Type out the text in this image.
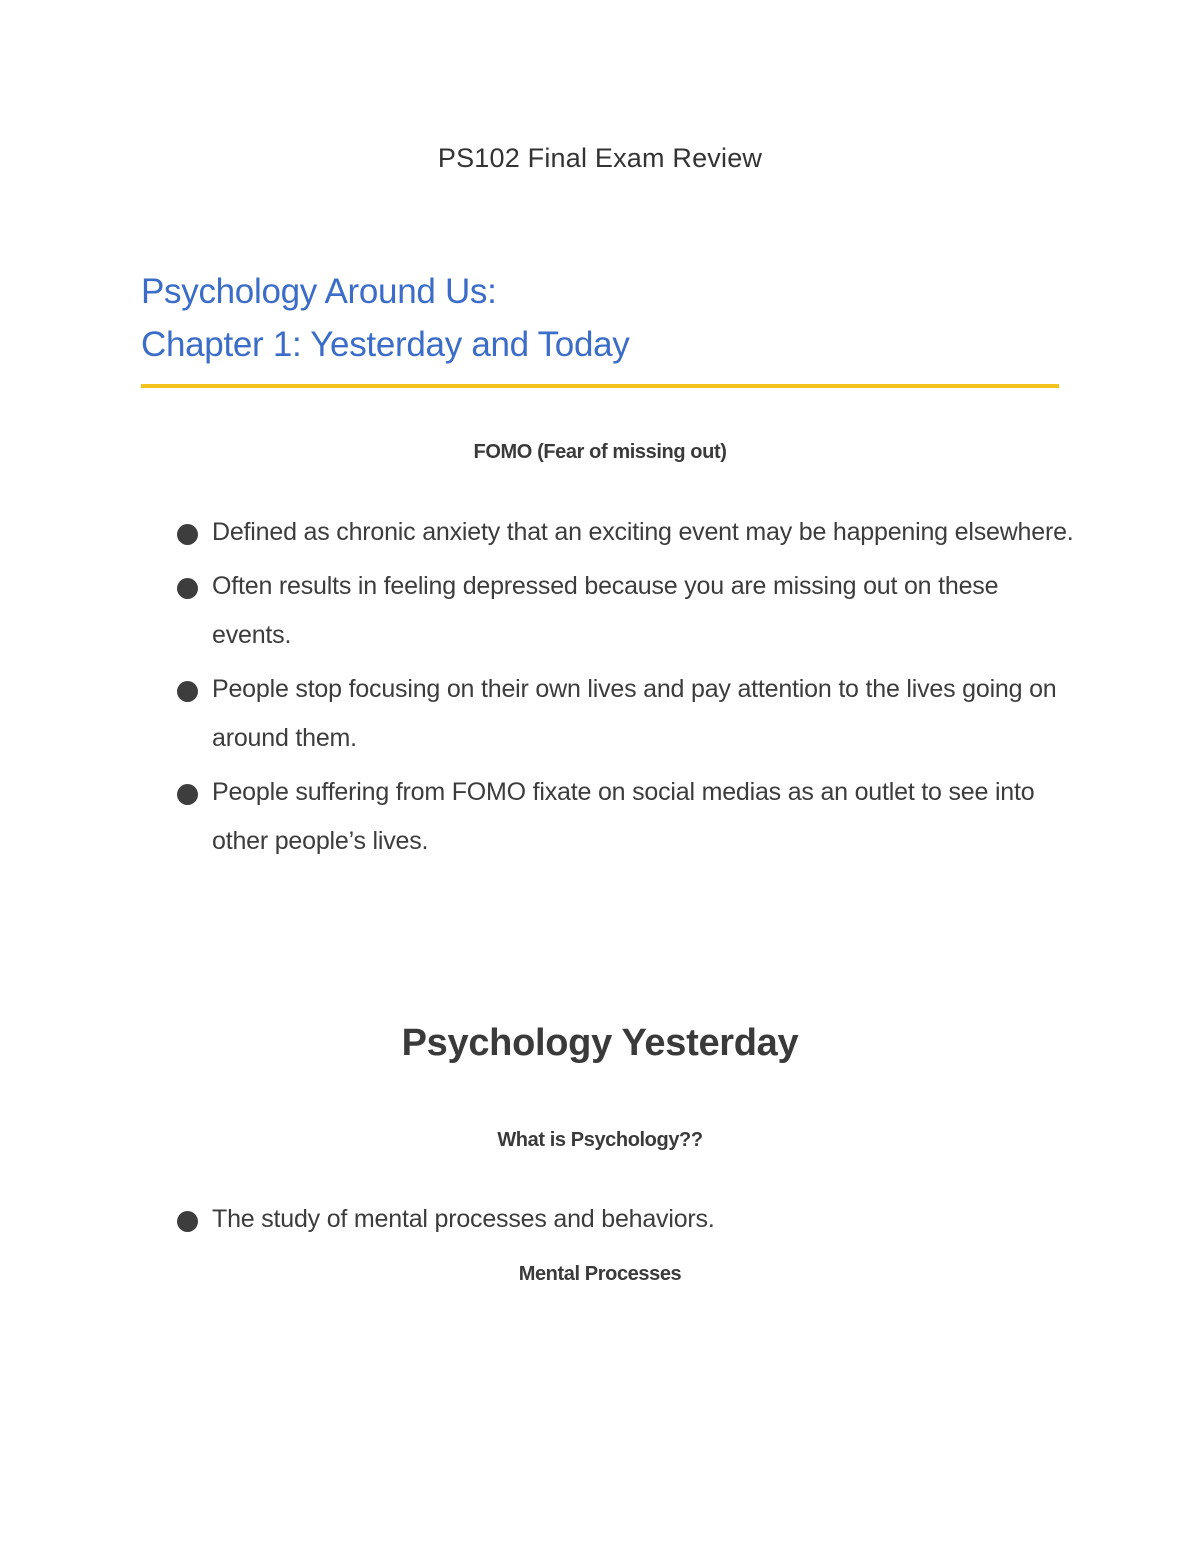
PS102 Final Exam Review
Psychology Around Us:
Chapter 1: Yesterday and Today
FOMO (Fear of missing out)
Defined as chronic anxiety that an exciting event may be happening elsewhere.
Often results in feeling depressed because you are missing out on these events.
People stop focusing on their own lives and pay attention to the lives going on around them.
People suffering from FOMO fixate on social medias as an outlet to see into other people’s lives.
Psychology Yesterday
What is Psychology??
The study of mental processes and behaviors.
Mental Processes
